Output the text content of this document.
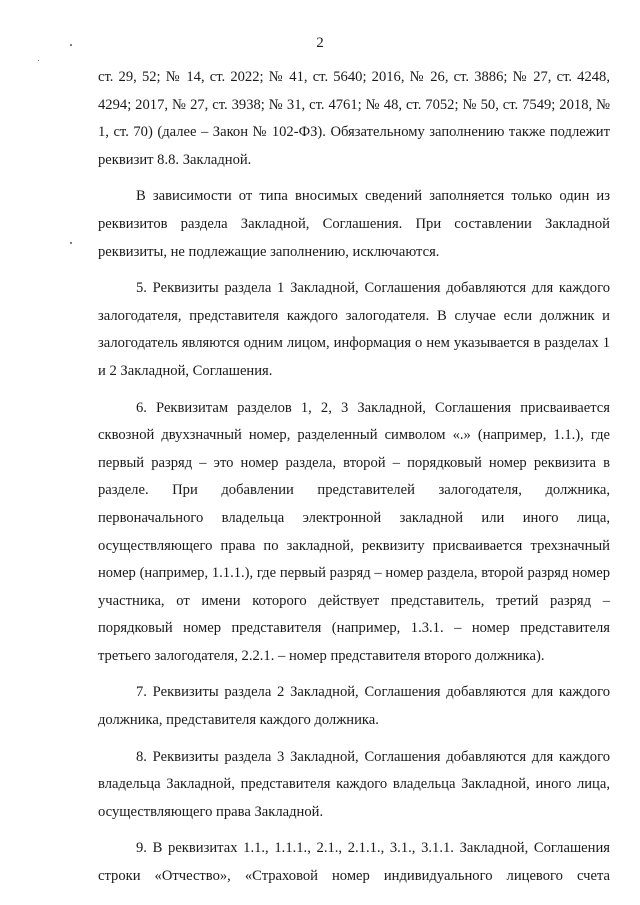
2

ст. 29, 52; № 14, ст. 2022; № 41, ст. 5640; 2016, № 26, ст. 3886; № 27, ст. 4248, 4294; 2017, № 27, ст. 3938; № 31, ст. 4761; № 48, ст. 7052; № 50, ст. 7549; 2018, № 1, ст. 70) (далее – Закон № 102-ФЗ). Обязательному заполнению также подлежит реквизит 8.8. Закладной.

В зависимости от типа вносимых сведений заполняется только один из реквизитов раздела Закладной, Соглашения. При составлении Закладной реквизиты, не подлежащие заполнению, исключаются.

5. Реквизиты раздела 1 Закладной, Соглашения добавляются для каждого залогодателя, представителя каждого залогодателя. В случае если должник и залогодатель являются одним лицом, информация о нем указывается в разделах 1 и 2 Закладной, Соглашения.

6. Реквизитам разделов 1, 2, 3 Закладной, Соглашения присваивается сквозной двухзначный номер, разделенный символом «.» (например, 1.1.), где первый разряд – это номер раздела, второй – порядковый номер реквизита в разделе. При добавлении представителей залогодателя, должника, первоначального владельца электронной закладной или иного лица, осуществляющего права по закладной, реквизиту присваивается трехзначный номер (например, 1.1.1.), где первый разряд – номер раздела, второй разряд номер участника, от имени которого действует представитель, третий разряд – порядковый номер представителя (например, 1.3.1. – номер представителя третьего залогодателя, 2.2.1. – номер представителя второго должника).

7. Реквизиты раздела 2 Закладной, Соглашения добавляются для каждого должника, представителя каждого должника.

8. Реквизиты раздела 3 Закладной, Соглашения добавляются для каждого владельца Закладной, представителя каждого владельца Закладной, иного лица, осуществляющего права Закладной.

9. В реквизитах 1.1., 1.1.1., 2.1., 2.1.1., 3.1., 3.1.1. Закладной, Соглашения строки «Отчество», «Страховой номер индивидуального лицевого счета
